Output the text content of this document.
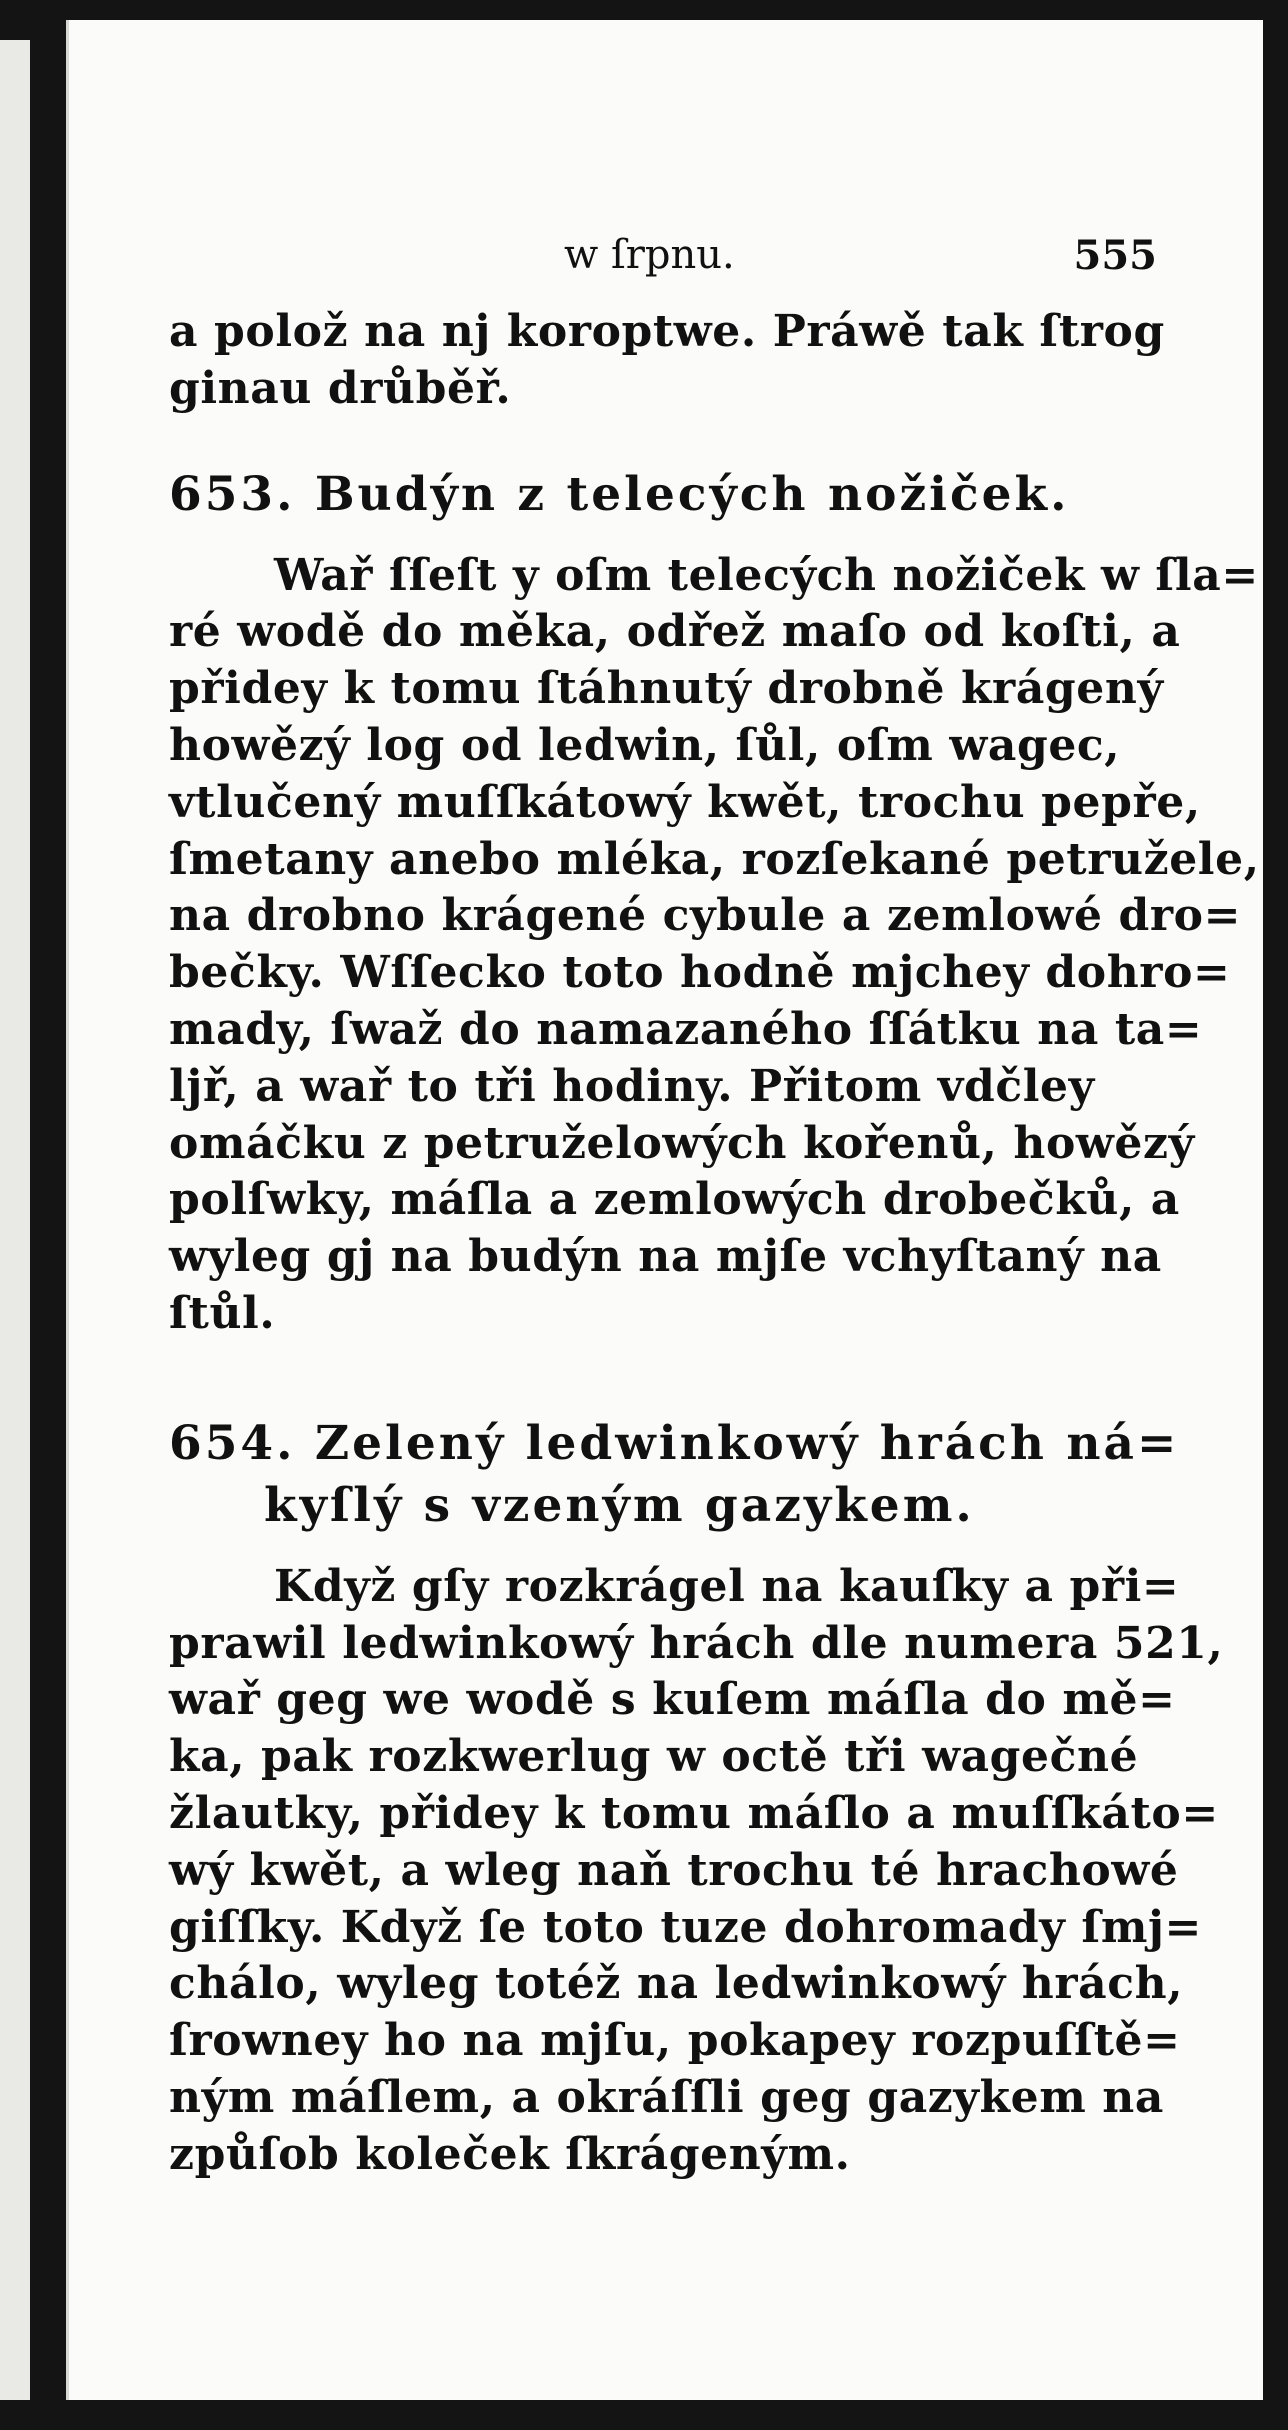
w ſrpnu.	555
a polož na nj koroptwe. Práwě tak ſtrog
ginau drůběř.
653. Budýn z telecých nožiček.
Wař ſſeſt y oſm telecých nožiček w ſla=
ré wodě do měka, odřež maſo od koſti, a
přidey k tomu ſtáhnutý drobně krágený
howězý log od ledwin, ſůl, oſm wagec,
vtlučený muſſkátowý kwět, trochu pepře,
ſmetany anebo mléka, rozſekané petružele,
na drobno krágené cybule a zemlowé dro=
bečky. Wſſecko toto hodně mjchey dohro=
mady, ſwaž do namazaného ſſátku na ta=
ljř, a wař to tři hodiny. Přitom vdčley
omáčku z petruželowých kořenů, howězý
polſwky, máſla a zemlowých drobečků, a
wyleg gj na budýn na mjſe vchyſtaný na
ſtůl.
654. Zelený ledwinkowý hrách ná=
kyſlý s vzeným gazykem.
Když gſy rozkrágel na kauſky a při=
prawil ledwinkowý hrách dle numera 521,
wař geg we wodě s kuſem máſla do mě=
ka, pak rozkwerlug w octě tři wagečné
žlautky, přidey k tomu máſlo a muſſkáto=
wý kwět, a wleg naň trochu té hrachowé
giſſky. Když ſe toto tuze dohromady ſmj=
chálo, wyleg totéž na ledwinkowý hrách,
ſrowney ho na mjſu, pokapey rozpuſſtě=
ným máſlem, a okráſſli geg gazykem na
způſob koleček ſkrágeným.
